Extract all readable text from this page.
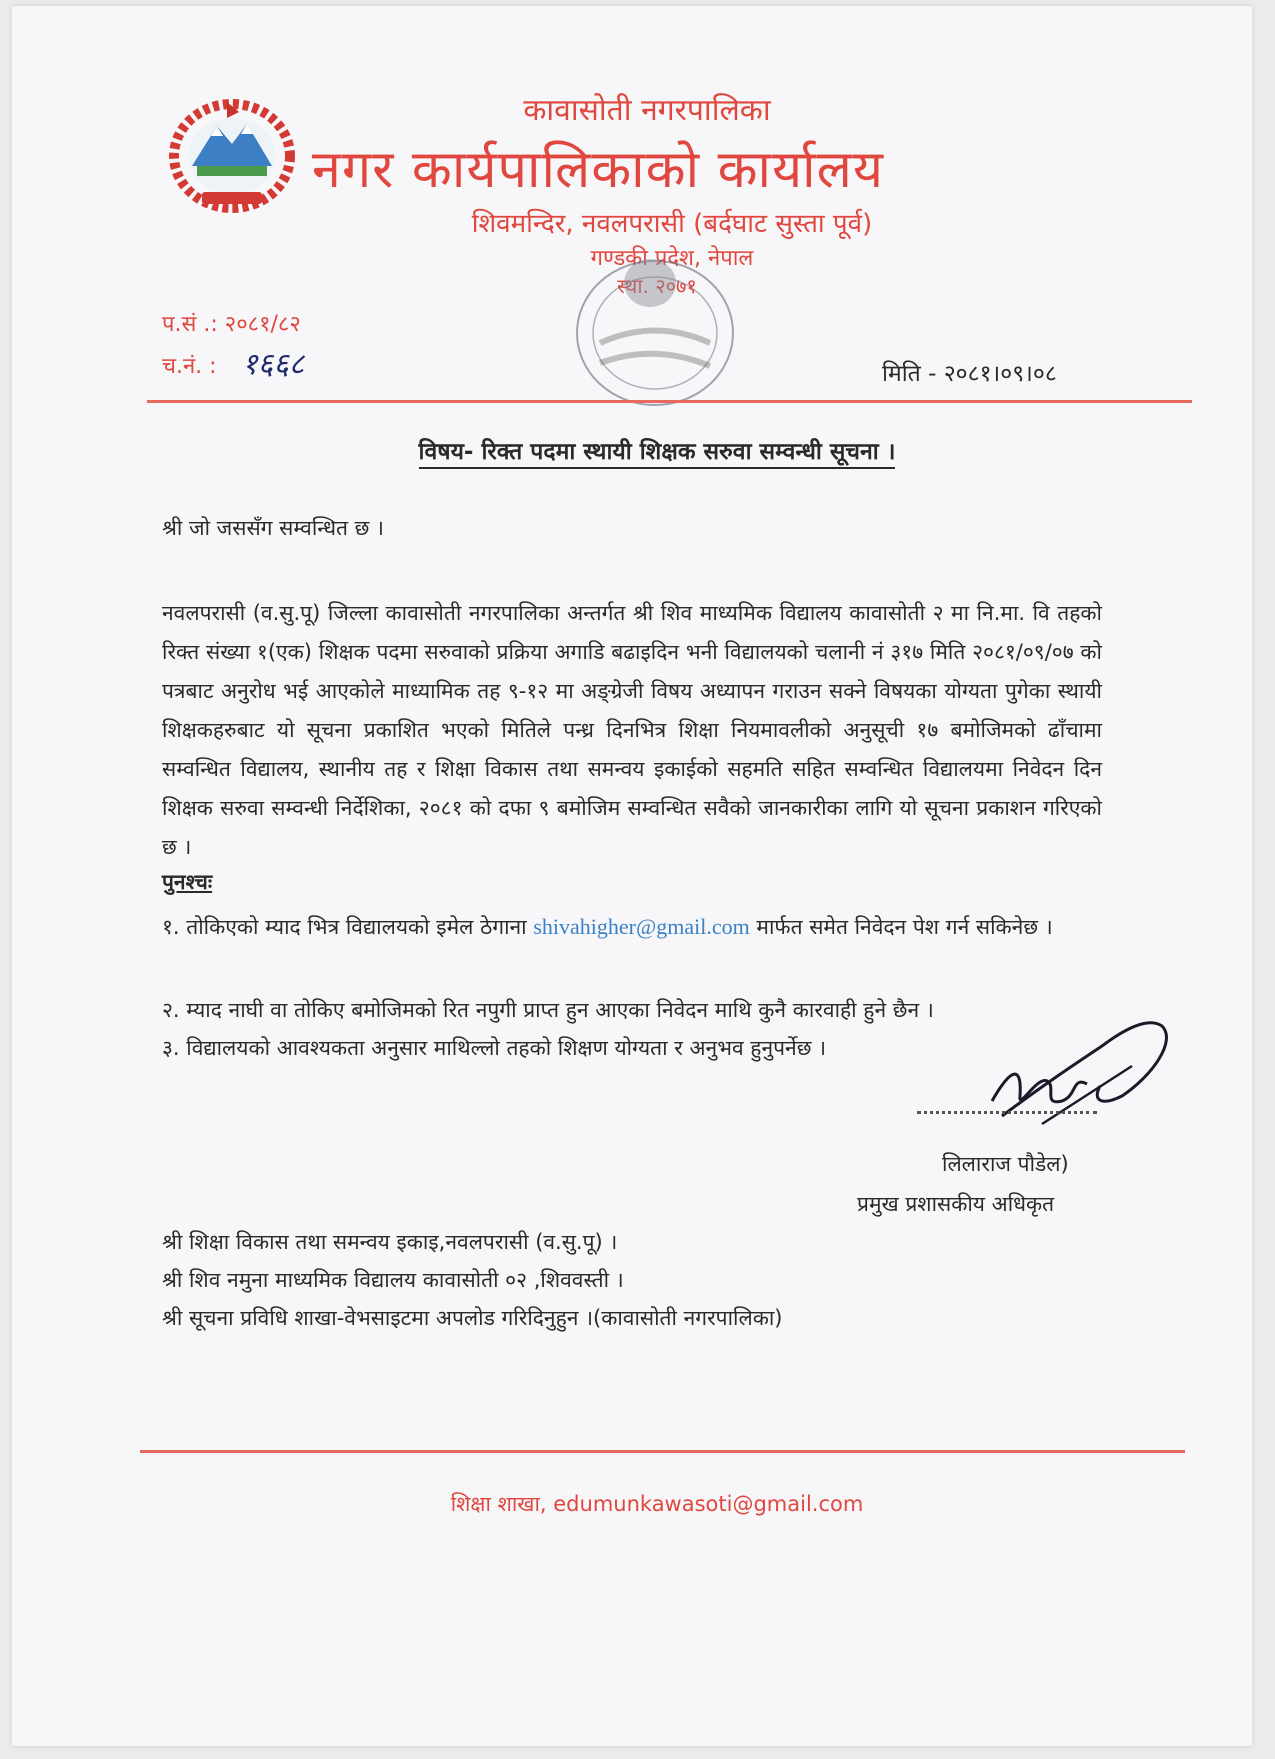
कावासोती नगरपालिका
नगर कार्यपालिकाको कार्यालय
शिवमन्दिर, नवलपरासी (बर्दघाट सुस्ता पूर्व)
गण्डकी प्रदेश, नेपाल
स्था. २०७१
प.सं .: २०८१/८२
च.नं. : १६६८	मिति - २०८१।०९।०८
विषय- रिक्त पदमा स्थायी शिक्षक सरुवा सम्वन्धी सूचना ।
श्री जो जससँग सम्वन्धित छ ।
नवलपरासी (व.सु.पू) जिल्ला कावासोती नगरपालिका अन्तर्गत श्री शिव माध्यमिक विद्यालय कावासोती २ मा नि.मा. वि तहको रिक्त संख्या १(एक) शिक्षक पदमा सरुवाको प्रक्रिया अगाडि बढाइदिन भनी विद्यालयको चलानी नं ३१७ मिति २०८१/०९/०७ को पत्रबाट अनुरोध भई आएकोले माध्यामिक तह ९-१२ मा अङ्ग्रेजी विषय अध्यापन गराउन सक्ने विषयका योग्यता पुगेका स्थायी शिक्षकहरुबाट यो सूचना प्रकाशित भएको मितिले पन्ध्र दिनभित्र शिक्षा नियमावलीको अनुसूची १७ बमोजिमको ढाँचामा सम्वन्धित विद्यालय, स्थानीय तह र शिक्षा विकास तथा समन्वय इकाईको सहमति सहित सम्वन्धित विद्यालयमा निवेदन दिन शिक्षक सरुवा सम्वन्धी निर्देशिका, २०८१ को दफा ९ बमोजिम सम्वन्धित सवैको जानकारीका लागि यो सूचना प्रकाशन गरिएको छ ।
पुनश्चः
१. तोकिएको म्याद भित्र विद्यालयको इमेल ठेगाना shivahigher@gmail.com मार्फत समेत निवेदन पेश गर्न सकिनेछ ।
२. म्याद नाघी वा तोकिए बमोजिमको रित नपुगी प्राप्त हुन आएका निवेदन माथि कुनै कारवाही हुने छैन ।
३. विद्यालयको आवश्यकता अनुसार माथिल्लो तहको शिक्षण योग्यता र अनुभव हुनुपर्नेछ ।
लिलाराज पौडेल)
प्रमुख प्रशासकीय अधिकृत
श्री शिक्षा विकास तथा समन्वय इकाइ,नवलपरासी (व.सु.पू) ।
श्री शिव नमुना माध्यमिक विद्यालय कावासोती ०२ ,शिववस्ती ।
श्री सूचना प्रविधि शाखा-वेभसाइटमा अपलोड गरिदिनुहुन ।(कावासोती नगरपालिका)
शिक्षा शाखा, edumunkawasoti@gmail.com
